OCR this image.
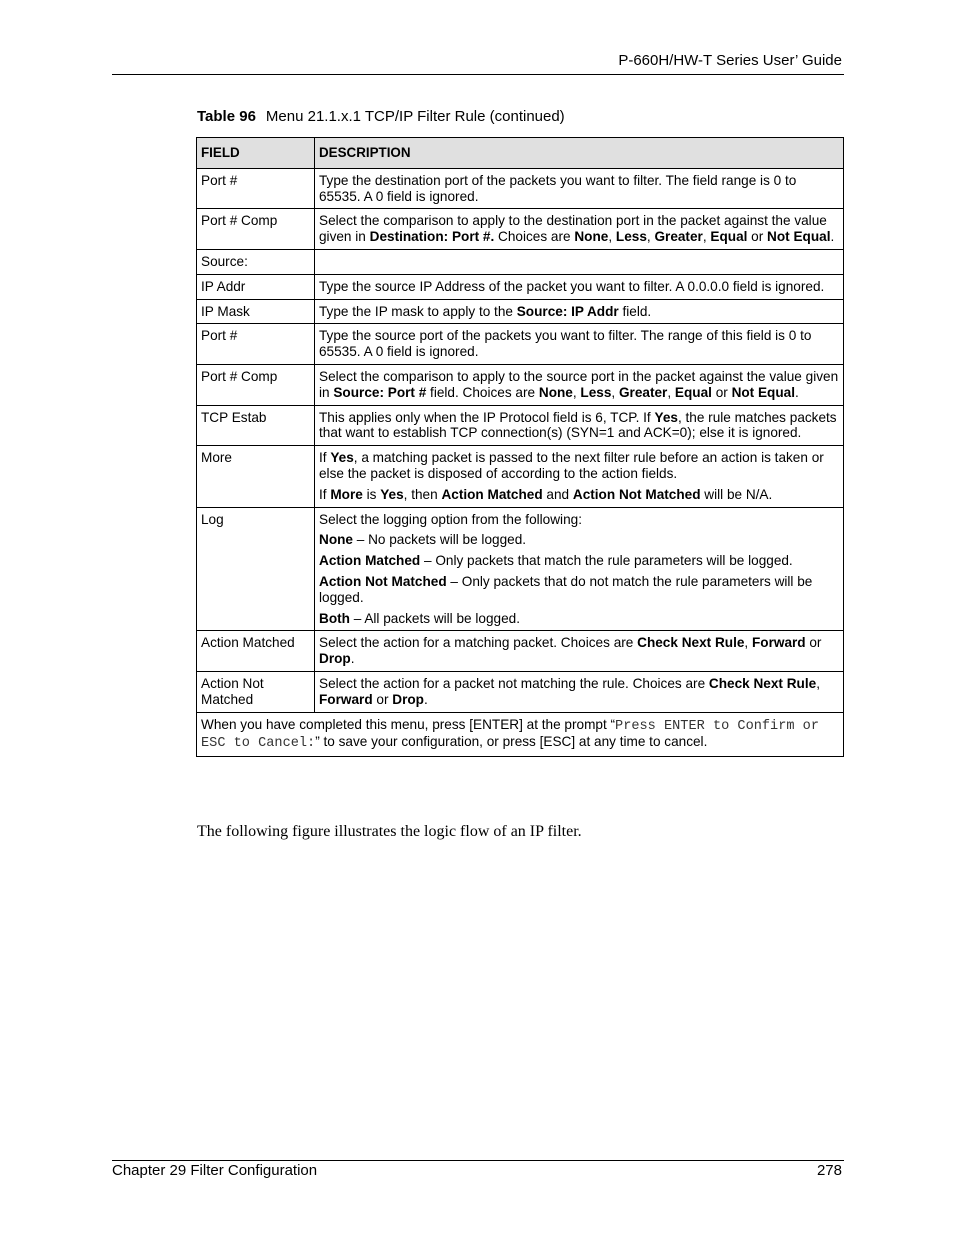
P-660H/HW-T Series User’ Guide
Table 96 Menu 21.1.x.1 TCP/IP Filter Rule (continued)
FIELD	DESCRIPTION
Port #	Type the destination port of the packets you want to filter. The field range is 0 to 65535. A 0 field is ignored.
Port # Comp	Select the comparison to apply to the destination port in the packet against the value given in Destination: Port #. Choices are None, Less, Greater, Equal or Not Equal.
Source:	
IP Addr	Type the source IP Address of the packet you want to filter. A 0.0.0.0 field is ignored.
IP Mask	Type the IP mask to apply to the Source: IP Addr field.
Port #	Type the source port of the packets you want to filter. The range of this field is 0 to 65535. A 0 field is ignored.
Port # Comp	Select the comparison to apply to the source port in the packet against the value given in Source: Port # field. Choices are None, Less, Greater, Equal or Not Equal.
TCP Estab	This applies only when the IP Protocol field is 6, TCP. If Yes, the rule matches packets that want to establish TCP connection(s) (SYN=1 and ACK=0); else it is ignored.
More	If Yes, a matching packet is passed to the next filter rule before an action is taken or else the packet is disposed of according to the action fields.

If More is Yes, then Action Matched and Action Not Matched will be N/A.

Log	Select the logging option from the following:

None – No packets will be logged.

Action Matched – Only packets that match the rule parameters will be logged.

Action Not Matched – Only packets that do not match the rule parameters will be logged.

Both – All packets will be logged.

Action Matched	Select the action for a matching packet. Choices are Check Next Rule, Forward or Drop.
Action Not Matched	Select the action for a packet not matching the rule. Choices are Check Next Rule, Forward or Drop.
When you have completed this menu, press [ENTER] at the prompt “Press ENTER to Confirm or ESC to Cancel:” to save your configuration, or press [ESC] at any time to cancel.	
The following figure illustrates the logic flow of an IP filter.
Chapter 29 Filter Configuration	278
